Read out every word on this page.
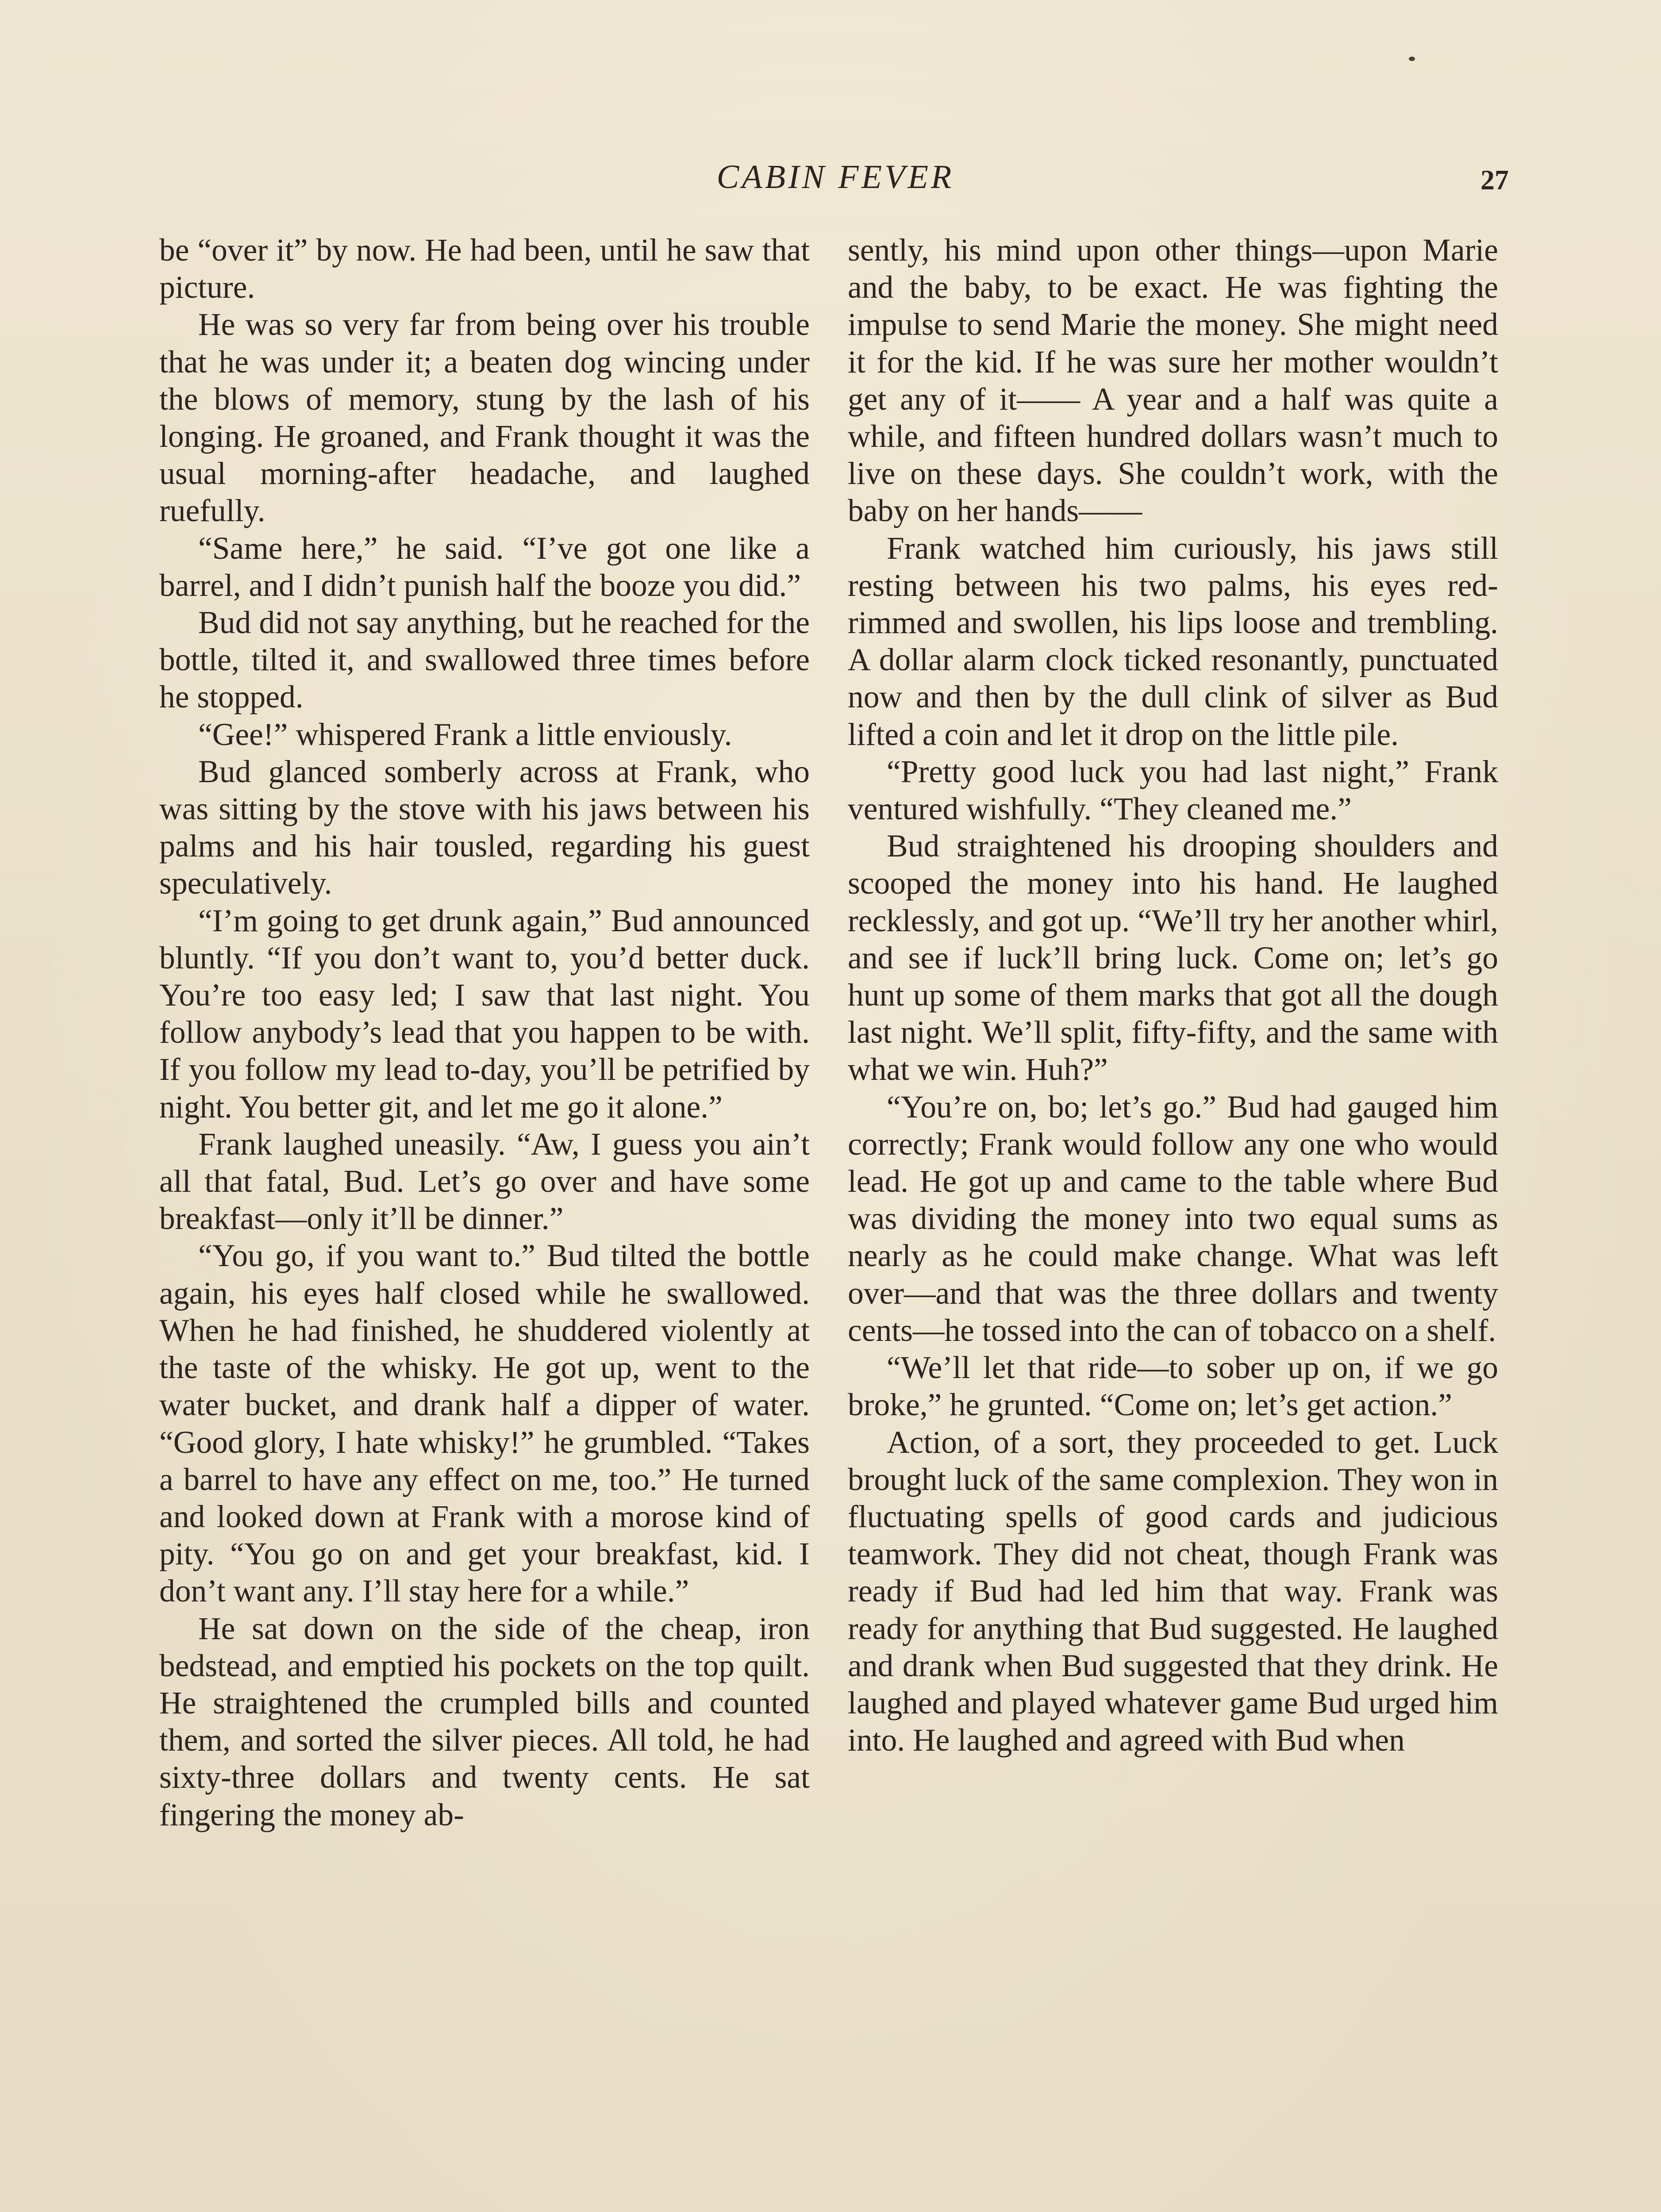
CABIN FEVER	27

be “over it” by now. He had been, until he saw that picture.

He was so very far from being over his trouble that he was under it; a beaten dog wincing under the blows of memory, stung by the lash of his longing. He groaned, and Frank thought it was the usual morning-after headache, and laughed ruefully.

“Same here,” he said. “I’ve got one like a barrel, and I didn’t punish half the booze you did.”

Bud did not say anything, but he reached for the bottle, tilted it, and swallowed three times before he stopped.

“Gee!” whispered Frank a little enviously.

Bud glanced somberly across at Frank, who was sitting by the stove with his jaws between his palms and his hair tousled, regarding his guest speculatively.

“I’m going to get drunk again,” Bud announced bluntly. “If you don’t want to, you’d better duck. You’re too easy led; I saw that last night. You follow anybody’s lead that you happen to be with. If you follow my lead to-day, you’ll be petrified by night. You better git, and let me go it alone.”

Frank laughed uneasily. “Aw, I guess you ain’t all that fatal, Bud. Let’s go over and have some breakfast—only it’ll be dinner.”

“You go, if you want to.” Bud tilted the bottle again, his eyes half closed while he swallowed. When he had finished, he shuddered violently at the taste of the whisky. He got up, went to the water bucket, and drank half a dipper of water. “Good glory, I hate whisky!” he grumbled. “Takes a barrel to have any effect on me, too.” He turned and looked down at Frank with a morose kind of pity. “You go on and get your breakfast, kid. I don’t want any. I’ll stay here for a while.”

He sat down on the side of the cheap, iron bedstead, and emptied his pockets on the top quilt. He straightened the crumpled bills and counted them, and sorted the silver pieces. All told, he had sixty-three dollars and twenty cents. He sat fingering the money ab-

sently, his mind upon other things—upon Marie and the baby, to be exact. He was fighting the impulse to send Marie the money. She might need it for the kid. If he was sure her mother wouldn’t get any of it—— A year and a half was quite a while, and fifteen hundred dollars wasn’t much to live on these days. She couldn’t work, with the baby on her hands——

Frank watched him curiously, his jaws still resting between his two palms, his eyes red-rimmed and swollen, his lips loose and trembling. A dollar alarm clock ticked resonantly, punctuated now and then by the dull clink of silver as Bud lifted a coin and let it drop on the little pile.

“Pretty good luck you had last night,” Frank ventured wishfully. “They cleaned me.”

Bud straightened his drooping shoulders and scooped the money into his hand. He laughed recklessly, and got up. “We’ll try her another whirl, and see if luck’ll bring luck. Come on; let’s go hunt up some of them marks that got all the dough last night. We’ll split, fifty-fifty, and the same with what we win. Huh?”

“You’re on, bo; let’s go.” Bud had gauged him correctly; Frank would follow any one who would lead. He got up and came to the table where Bud was dividing the money into two equal sums as nearly as he could make change. What was left over—and that was the three dollars and twenty cents—he tossed into the can of tobacco on a shelf.

“We’ll let that ride—to sober up on, if we go broke,” he grunted. “Come on; let’s get action.”

Action, of a sort, they proceeded to get. Luck brought luck of the same complexion. They won in fluctuating spells of good cards and judicious teamwork. They did not cheat, though Frank was ready if Bud had led him that way. Frank was ready for anything that Bud suggested. He laughed and drank when Bud suggested that they drink. He laughed and played whatever game Bud urged him into. He laughed and agreed with Bud when
